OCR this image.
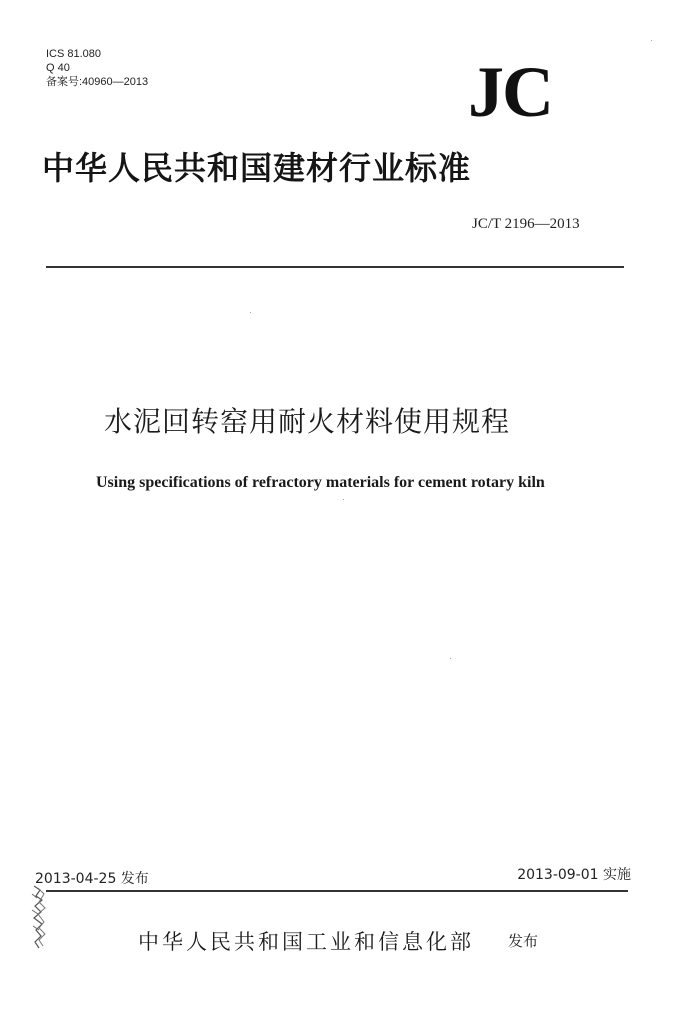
ICS 81.080
Q 40
备案号:40960—2013	JC
中华人民共和国建材行业标准
JC/T 2196—2013
水泥回转窑用耐火材料使用规程
Using specifications of refractory materials for cement rotary kiln
2013-04-25 发布	2013-09-01 实施
中华人民共和国工业和信息化部 发布
